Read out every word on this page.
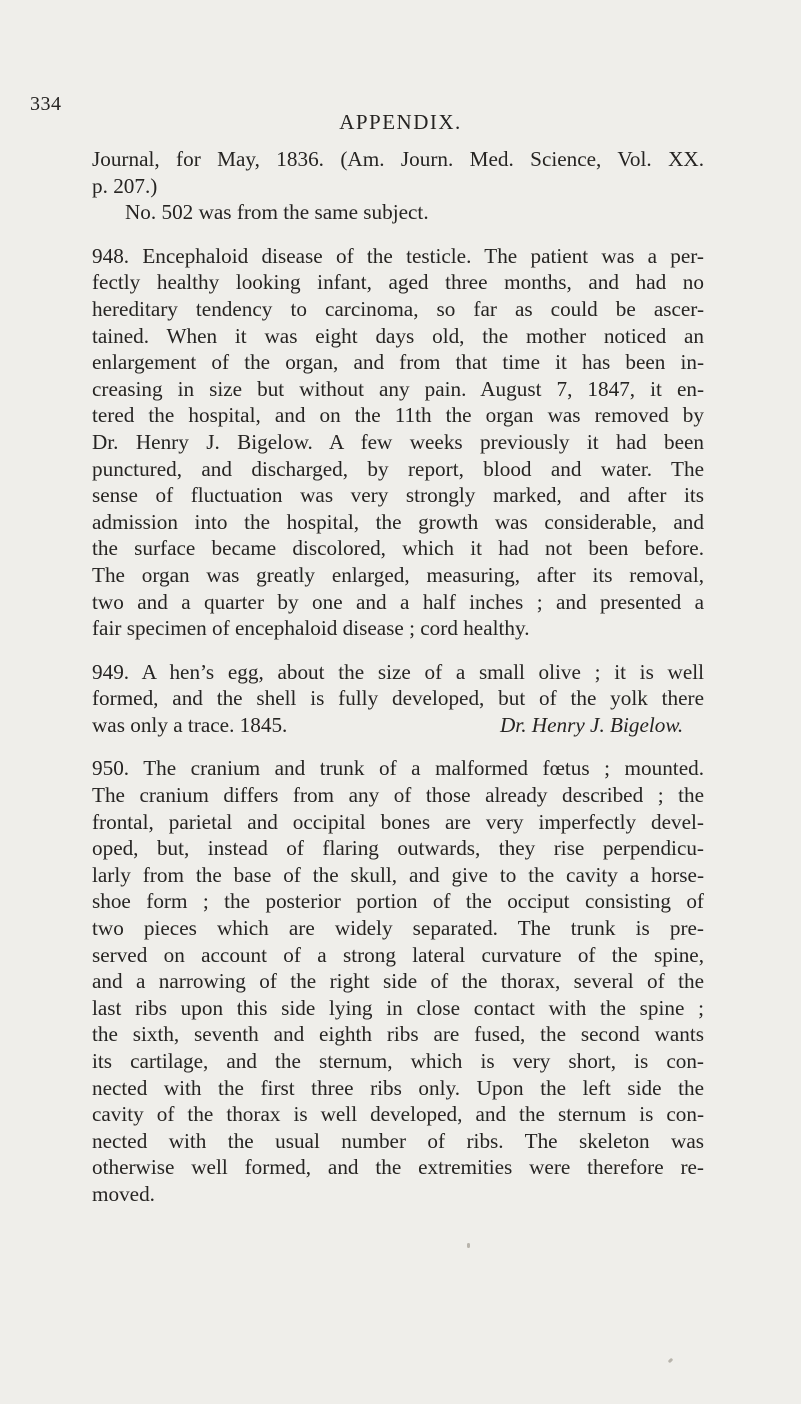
334
APPENDIX.
Journal, for May, 1836. (Am. Journ. Med. Science, Vol. XX.
p. 207.)
No. 502 was from the same subject.
948. Encephaloid disease of the testicle. The patient was a per-
fectly healthy looking infant, aged three months, and had no
hereditary tendency to carcinoma, so far as could be ascer-
tained. When it was eight days old, the mother noticed an
enlargement of the organ, and from that time it has been in-
creasing in size but without any pain. August 7, 1847, it en-
tered the hospital, and on the 11th the organ was removed by
Dr. Henry J. Bigelow. A few weeks previously it had been
punctured, and discharged, by report, blood and water. The
sense of fluctuation was very strongly marked, and after its
admission into the hospital, the growth was considerable, and
the surface became discolored, which it had not been before.
The organ was greatly enlarged, measuring, after its removal,
two and a quarter by one and a half inches ; and presented a
fair specimen of encephaloid disease ; cord healthy.
949. A hen’s egg, about the size of a small olive ; it is well
formed, and the shell is fully developed, but of the yolk there
was only a trace. 1845.	Dr. Henry J. Bigelow.
950. The cranium and trunk of a malformed fœtus ; mounted.
The cranium differs from any of those already described ; the
frontal, parietal and occipital bones are very imperfectly devel-
oped, but, instead of flaring outwards, they rise perpendicu-
larly from the base of the skull, and give to the cavity a horse-
shoe form ; the posterior portion of the occiput consisting of
two pieces which are widely separated. The trunk is pre-
served on account of a strong lateral curvature of the spine,
and a narrowing of the right side of the thorax, several of the
last ribs upon this side lying in close contact with the spine ;
the sixth, seventh and eighth ribs are fused, the second wants
its cartilage, and the sternum, which is very short, is con-
nected with the first three ribs only. Upon the left side the
cavity of the thorax is well developed, and the sternum is con-
nected with the usual number of ribs. The skeleton was
otherwise well formed, and the extremities were therefore re-
moved.
